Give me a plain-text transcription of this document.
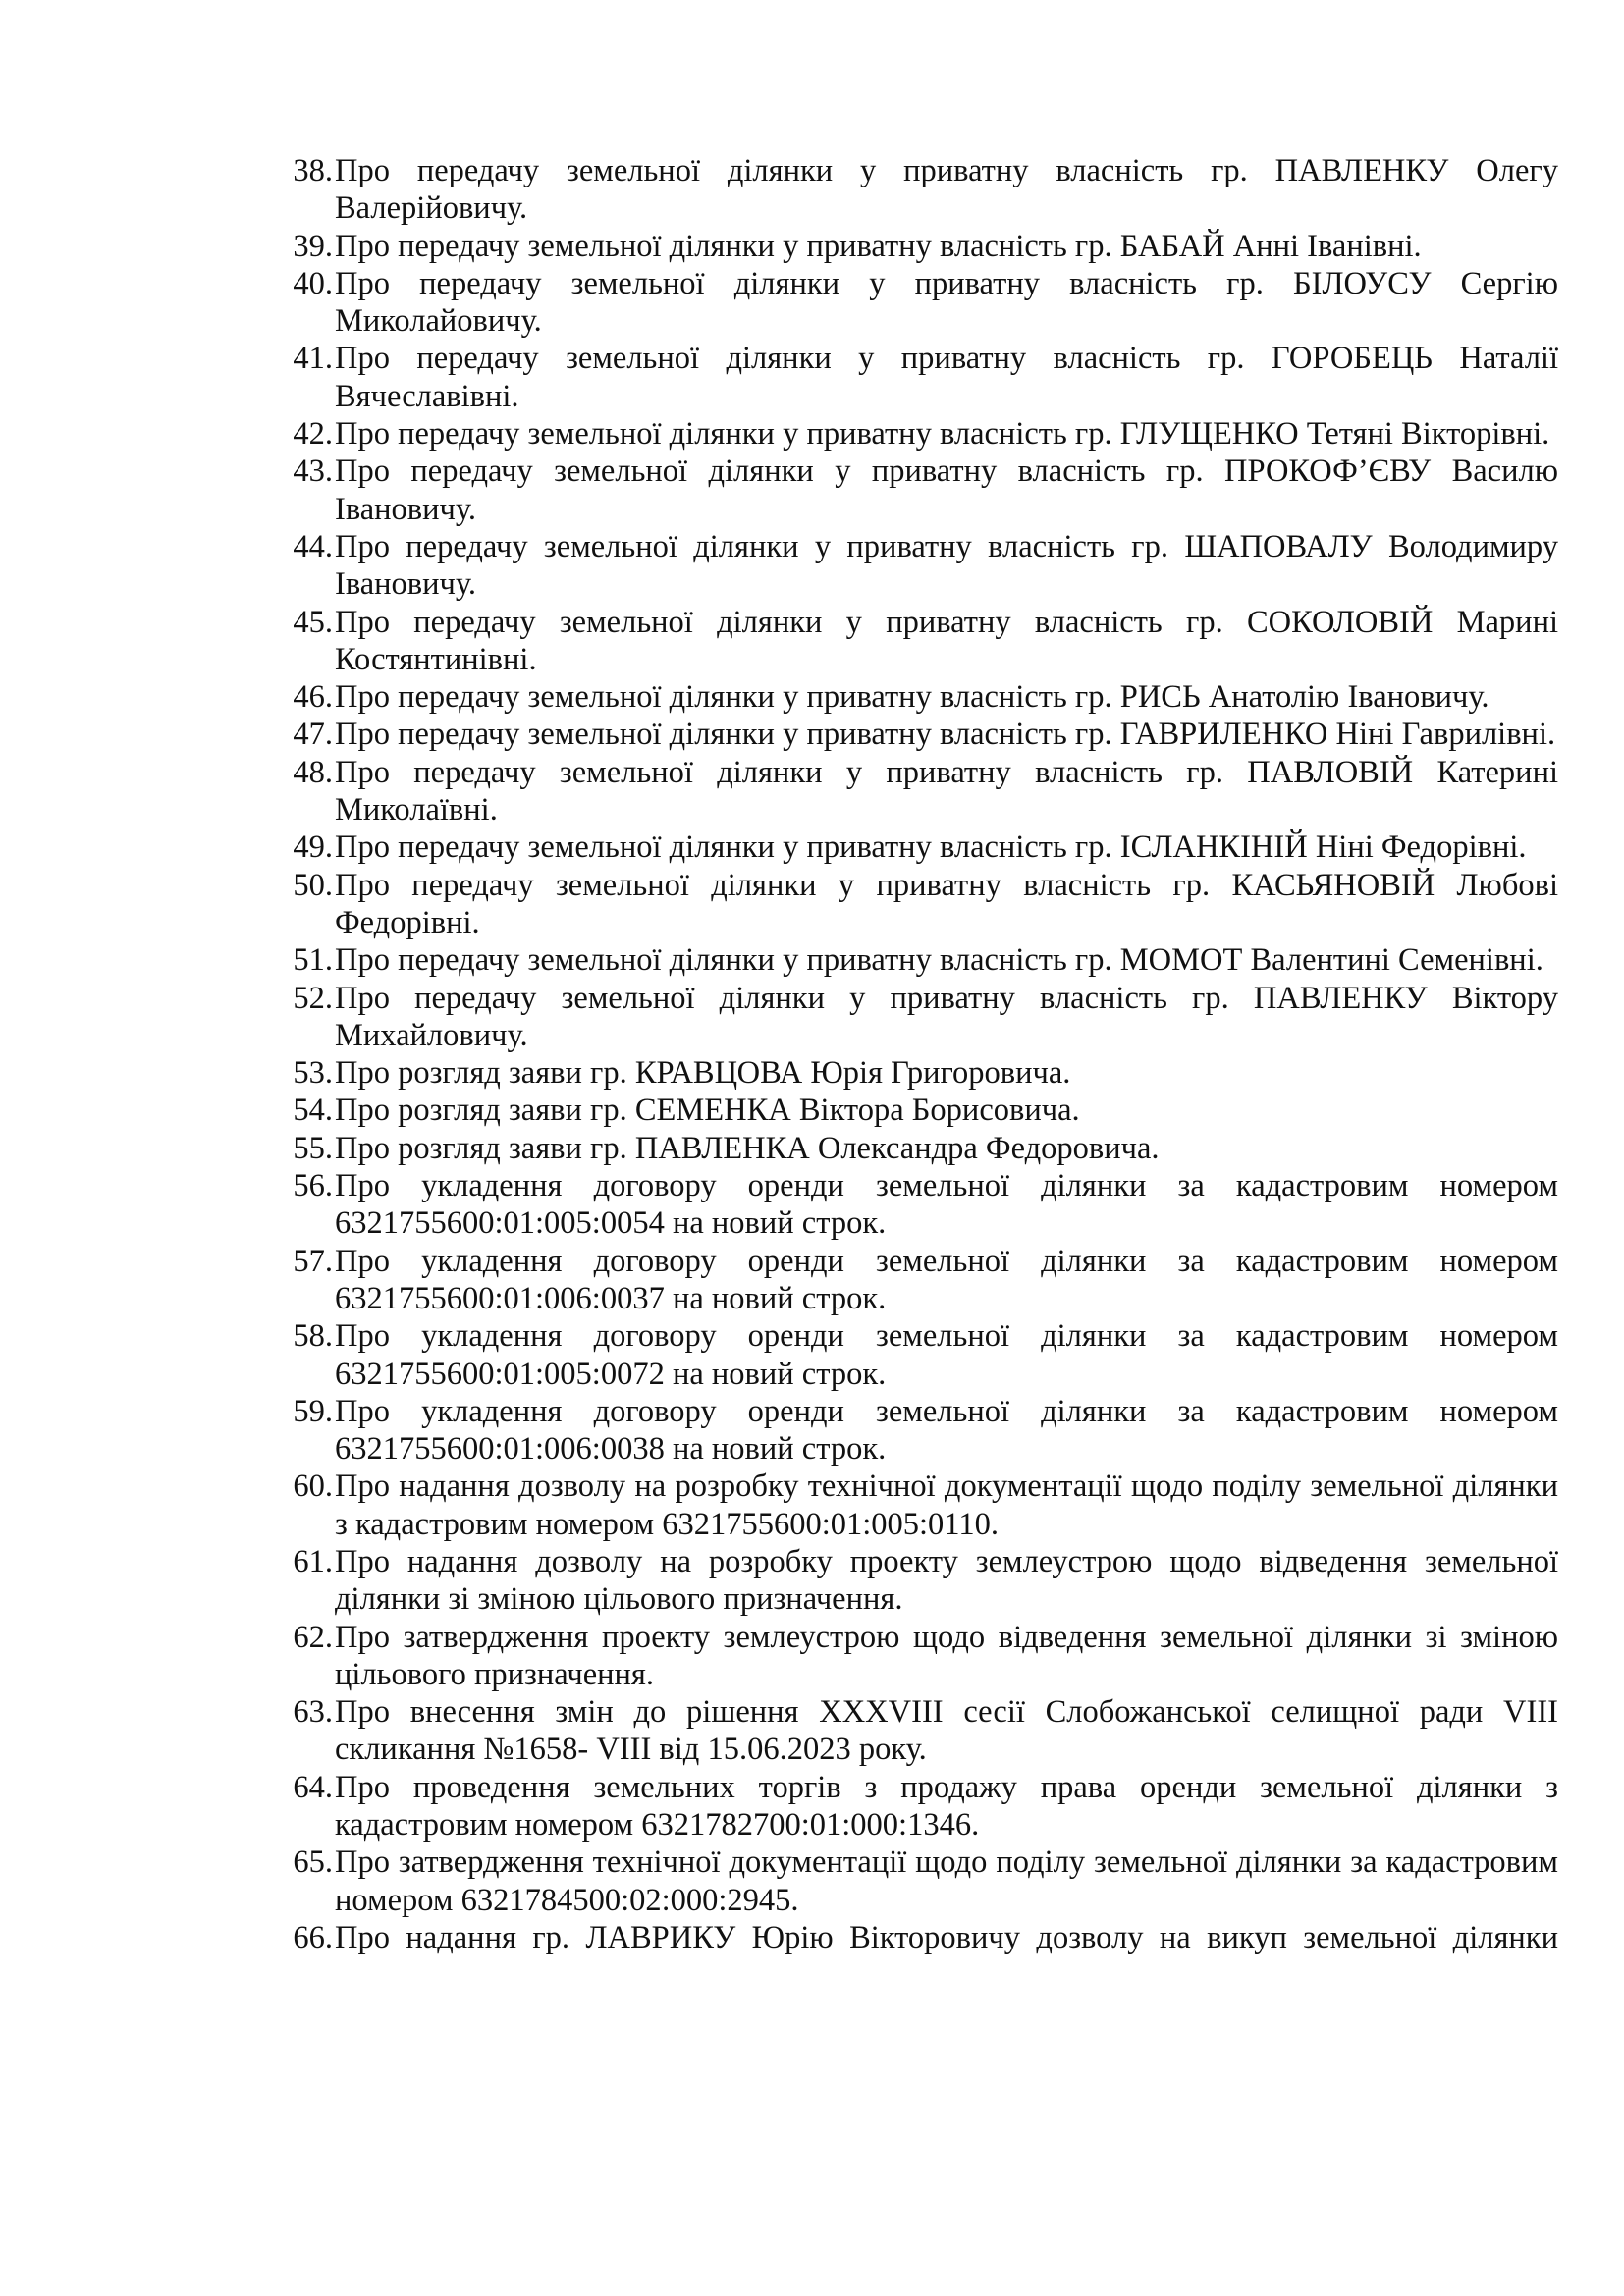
38. Про передачу земельної ділянки у приватну власність гр. ПАВЛЕНКУ Олегу Валерійовичу.
39. Про передачу земельної ділянки у приватну власність гр. БАБАЙ Анні Іванівні.
40. Про передачу земельної ділянки у приватну власність гр. БІЛОУСУ Сергію Миколайовичу.
41. Про передачу земельної ділянки у приватну власність гр. ГОРОБЕЦЬ Наталії Вячеславівні.
42. Про передачу земельної ділянки у приватну власність гр. ГЛУЩЕНКО Тетяні Вікторівні.
43. Про передачу земельної ділянки у приватну власність гр. ПРОКОФ’ЄВУ Василю Івановичу.
44. Про передачу земельної ділянки у приватну власність гр. ШАПОВАЛУ Володимиру Івановичу.
45. Про передачу земельної ділянки у приватну власність гр. СОКОЛОВІЙ Марині Костянтинівні.
46. Про передачу земельної ділянки у приватну власність гр. РИСЬ Анатолію Івановичу.
47. Про передачу земельної ділянки у приватну власність гр. ГАВРИЛЕНКО Ніні Гаврилівні.
48. Про передачу земельної ділянки у приватну власність гр. ПАВЛОВІЙ Катерині Миколаївні.
49. Про передачу земельної ділянки у приватну власність гр. ІСЛАНКІНІЙ Ніні Федорівні.
50. Про передачу земельної ділянки у приватну власність гр. КАСЬЯНОВІЙ Любові Федорівні.
51. Про передачу земельної ділянки у приватну власність гр. МОМОТ Валентині Семенівні.
52. Про передачу земельної ділянки у приватну власність гр. ПАВЛЕНКУ Віктору Михайловичу.
53. Про розгляд заяви гр. КРАВЦОВА Юрія Григоровича.
54. Про розгляд заяви гр. СЕМЕНКА Віктора Борисовича.
55. Про розгляд заяви гр. ПАВЛЕНКА Олександра Федоровича.
56. Про укладення договору оренди земельної ділянки за кадастровим номером 6321755600:01:005:0054 на новий строк.
57. Про укладення договору оренди земельної ділянки за кадастровим номером 6321755600:01:006:0037 на новий строк.
58. Про укладення договору оренди земельної ділянки за кадастровим номером 6321755600:01:005:0072 на новий строк.
59. Про укладення договору оренди земельної ділянки за кадастровим номером 6321755600:01:006:0038 на новий строк.
60. Про надання дозволу на розробку технічної документації щодо поділу земельної ділянки з кадастровим номером 6321755600:01:005:0110.
61. Про надання дозволу на розробку проекту землеустрою щодо відведення земельної ділянки зі зміною цільового призначення.
62. Про затвердження проекту землеустрою щодо відведення земельної ділянки зі зміною цільового призначення.
63. Про внесення змін до рішення XXXVIII сесії Слобожанської селищної ради VIII скликання №1658- VIII від 15.06.2023 року.
64. Про проведення земельних торгів з продажу права оренди земельної ділянки з кадастровим номером 6321782700:01:000:1346.
65. Про затвердження технічної документації щодо поділу земельної ділянки за кадастровим номером 6321784500:02:000:2945.
66. Про надання гр. ЛАВРИКУ Юрію Вікторовичу дозволу на викуп земельної ділянки
